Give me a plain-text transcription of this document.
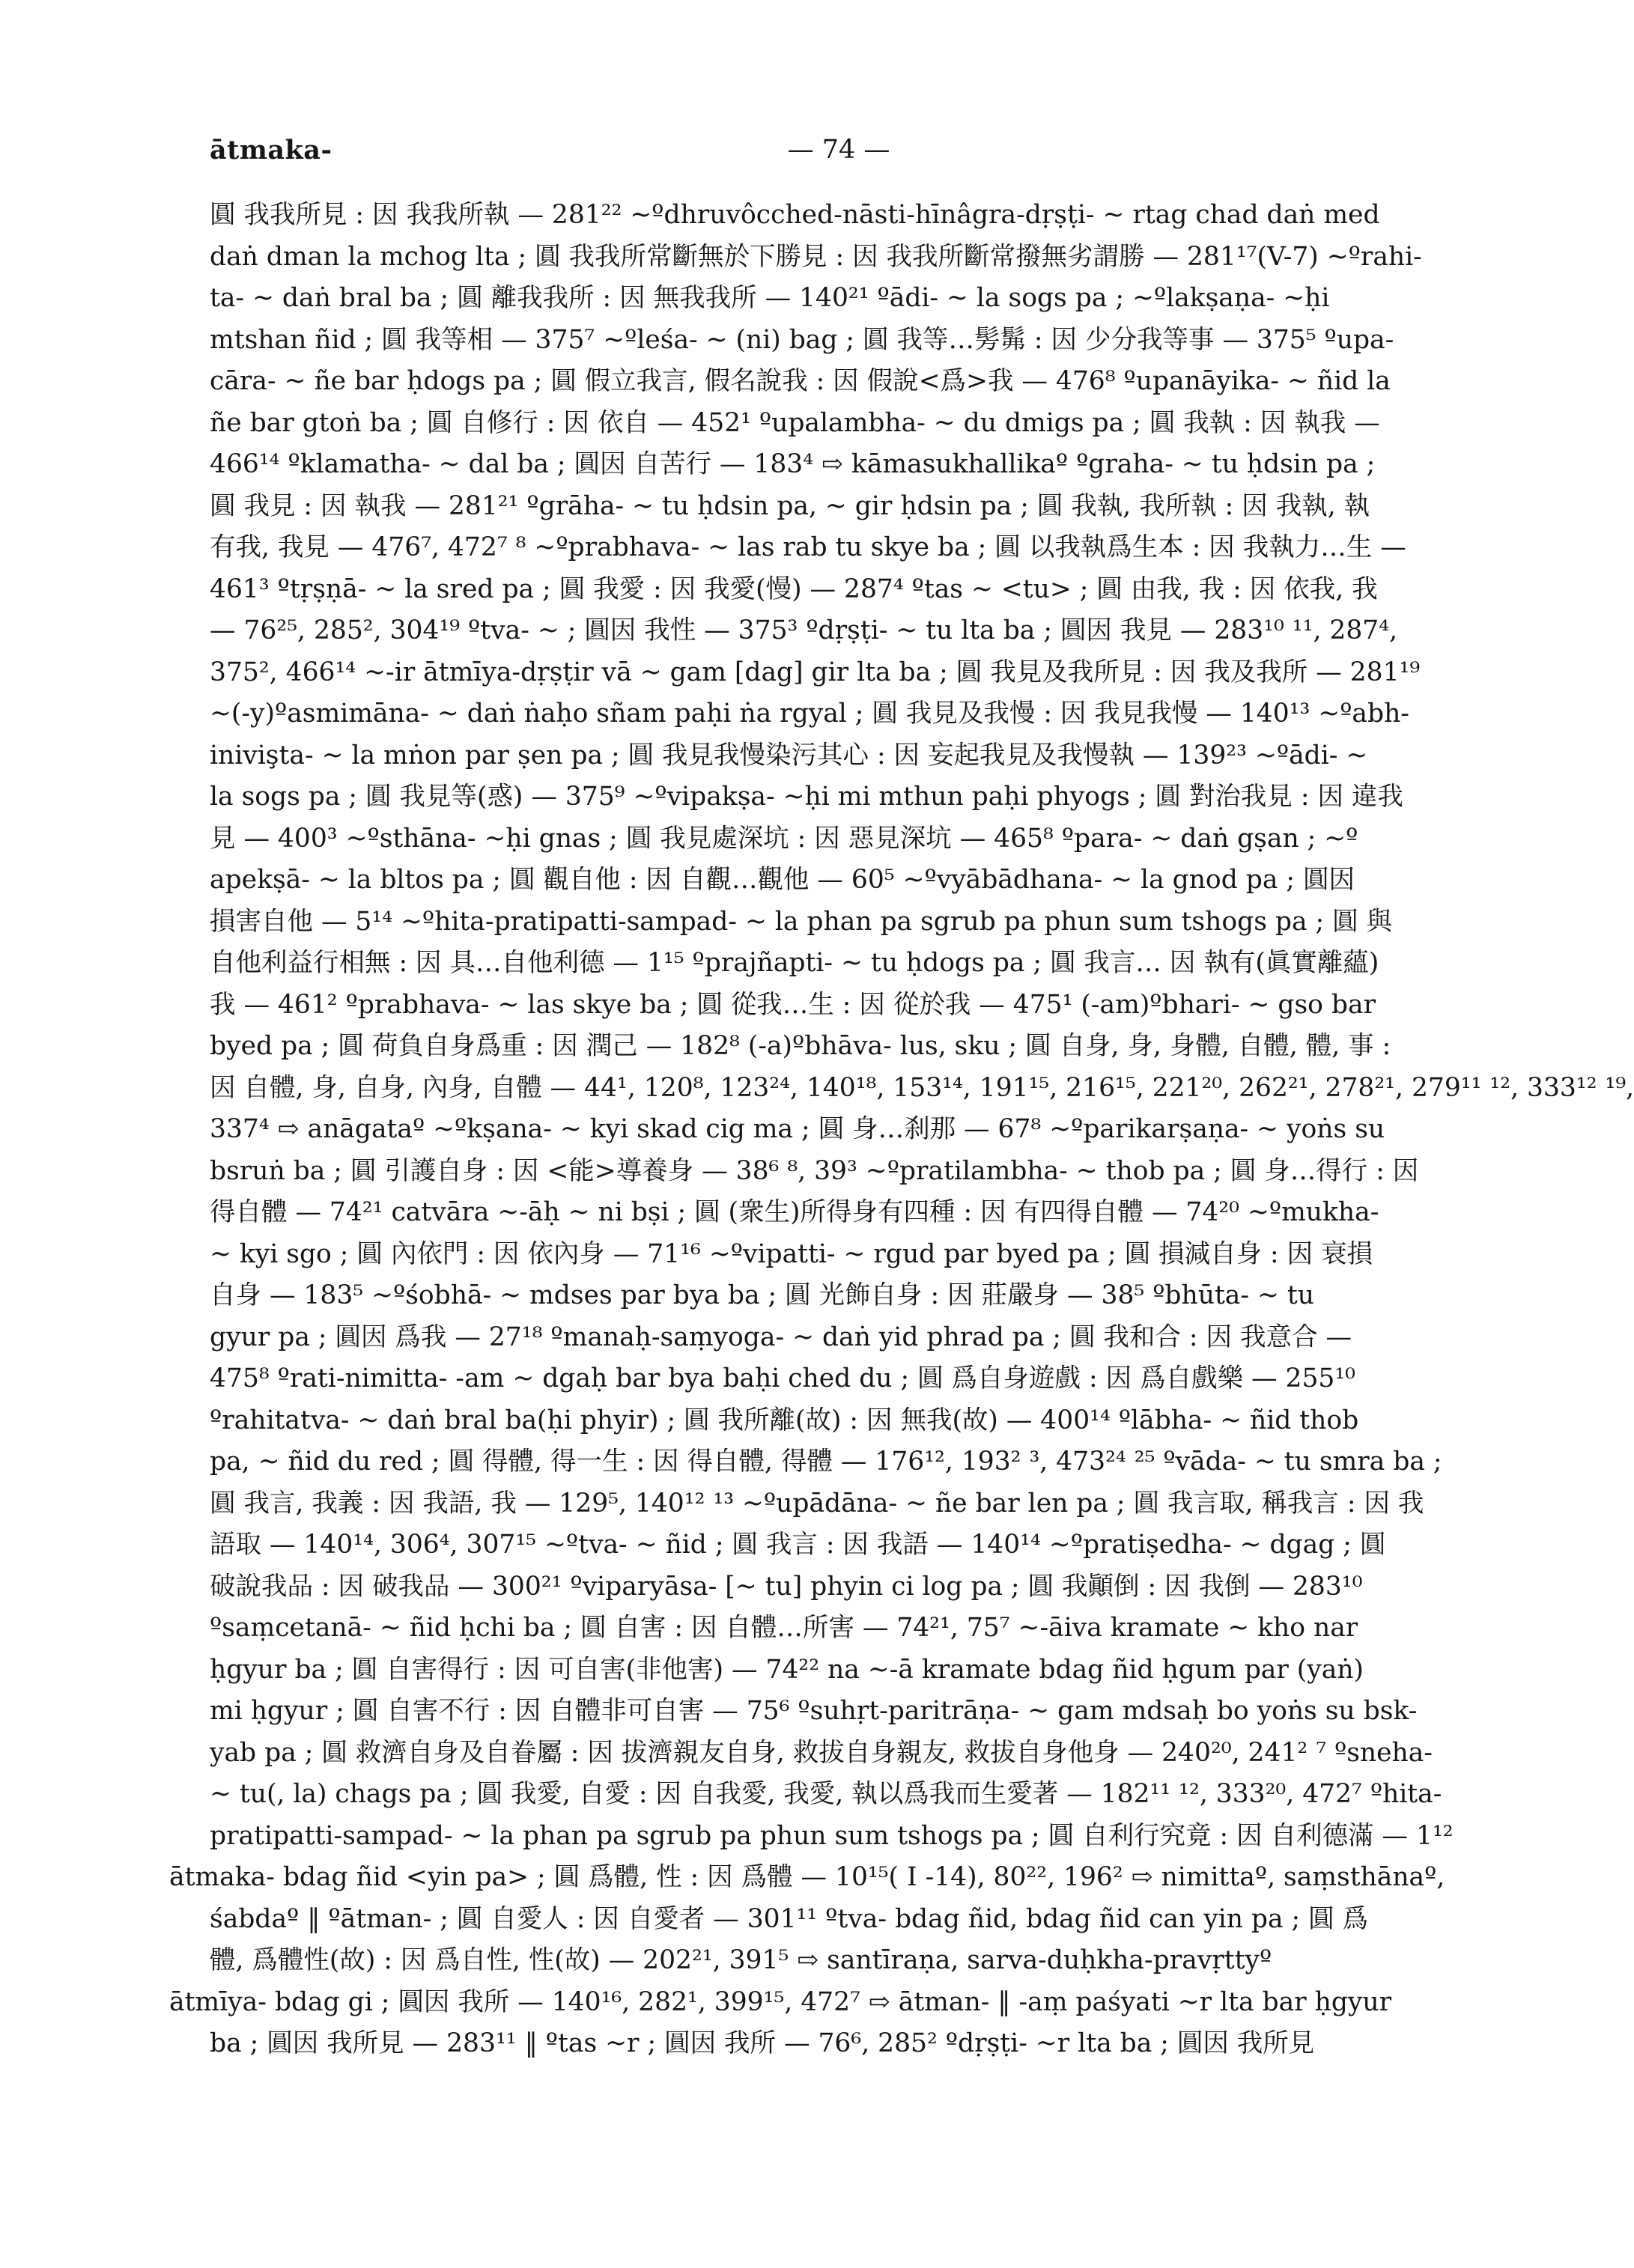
ātmaka-	— 74 —
圓 我我所見 : 因 我我所執 — 281²² ~ºdhruvôcched-nāsti-hīnâgra-dṛṣṭi- ~ rtag chad daṅ med
daṅ dman la mchog lta ; 圓 我我所常斷無於下勝見 : 因 我我所斷常撥無劣謂勝 — 281¹⁷(V-7) ~ºrahi-
ta- ~ daṅ bral ba ; 圓 離我我所 : 因 無我我所 — 140²¹ ºādi- ~ la sogs pa ; ~ºlakṣaṇa- ~ḥi
mtshan ñid ; 圓 我等相 — 375⁷ ~ºleśa- ~ (ni) bag ; 圓 我等…髣髴 : 因 少分我等事 — 375⁵ ºupa-
cāra- ~ ñe bar ḥdogs pa ; 圓 假立我言, 假名說我 : 因 假說<爲>我 — 476⁸ ºupanāyika- ~ ñid la
ñe bar gtoṅ ba ; 圓 自修行 : 因 依自 — 452¹ ºupalambha- ~ du dmigs pa ; 圓 我執 : 因 執我 —
466¹⁴ ºklamatha- ~ dal ba ; 圓因 自苦行 — 183⁴ ⇨ kāmasukhallikaº ºgraha- ~ tu ḥdsin pa ;
圓 我見 : 因 執我 — 281²¹ ºgrāha- ~ tu ḥdsin pa, ~ gir ḥdsin pa ; 圓 我執, 我所執 : 因 我執, 執
有我, 我見 — 476⁷, 472⁷ ⁸ ~ºprabhava- ~ las rab tu skye ba ; 圓 以我執爲生本 : 因 我執力…生 —
461³ ºtṛṣṇā- ~ la sred pa ; 圓 我愛 : 因 我愛(慢) — 287⁴ ºtas ~ <tu> ; 圓 由我, 我 : 因 依我, 我
— 76²⁵, 285², 304¹⁹ ºtva- ~ ; 圓因 我性 — 375³ ºdṛṣṭi- ~ tu lta ba ; 圓因 我見 — 283¹⁰ ¹¹, 287⁴,
375², 466¹⁴ ~-ir ātmīya-dṛṣṭir vā ~ gam [dag] gir lta ba ; 圓 我見及我所見 : 因 我及我所 — 281¹⁹
~(-y)ºasmimāna- ~ daṅ ṅaḥo sñam paḥi ṅa rgyal ; 圓 我見及我慢 : 因 我見我慢 — 140¹³ ~ºabh-
inivişta- ~ la mṅon par ṣen pa ; 圓 我見我慢染污其心 : 因 妄起我見及我慢執 — 139²³ ~ºādi- ~
la sogs pa ; 圓 我見等(惑) — 375⁹ ~ºvipakṣa- ~ḥi mi mthun paḥi phyogs ; 圓 對治我見 : 因 違我
見 — 400³ ~ºsthāna- ~ḥi gnas ; 圓 我見處深坑 : 因 惡見深坑 — 465⁸ ºpara- ~ daṅ gṣan ; ~º
apekṣā- ~ la bltos pa ; 圓 觀自他 : 因 自觀…觀他 — 60⁵ ~ºvyābādhana- ~ la gnod pa ; 圓因
損害自他 — 5¹⁴ ~ºhita-pratipatti-sampad- ~ la phan pa sgrub pa phun sum tshogs pa ; 圓 與
自他利益行相無 : 因 具…自他利德 — 1¹⁵ ºprajñapti- ~ tu ḥdogs pa ; 圓 我言… 因 執有(眞實離蘊)
我 — 461² ºprabhava- ~ las skye ba ; 圓 從我…生 : 因 從於我 — 475¹ (-am)ºbhari- ~ gso bar
byed pa ; 圓 荷負自身爲重 : 因 潤己 — 182⁸ (-a)ºbhāva- lus, sku ; 圓 自身, 身, 身體, 自體, 體, 事 :
因 自體, 身, 自身, 內身, 自體 — 44¹, 120⁸, 123²⁴, 140¹⁸, 153¹⁴, 191¹⁵, 216¹⁵, 221²⁰, 262²¹, 278²¹, 279¹¹ ¹², 333¹² ¹⁹,
337⁴ ⇨ anāgataº ~ºkṣana- ~ kyi skad cig ma ; 圓 身…刹那 — 67⁸ ~ºparikarṣaṇa- ~ yoṅs su
bsruṅ ba ; 圓 引護自身 : 因 <能>導養身 — 38⁶ ⁸, 39³ ~ºpratilambha- ~ thob pa ; 圓 身…得行 : 因
得自體 — 74²¹ catvāra ~-āḥ ~ ni bṣi ; 圓 (衆生)所得身有四種 : 因 有四得自體 — 74²⁰ ~ºmukha-
~ kyi sgo ; 圓 內依門 : 因 依內身 — 71¹⁶ ~ºvipatti- ~ rgud par byed pa ; 圓 損減自身 : 因 衰損
自身 — 183⁵ ~ºśobhā- ~ mdses par bya ba ; 圓 光飾自身 : 因 莊嚴身 — 38⁵ ºbhūta- ~ tu
gyur pa ; 圓因 爲我 — 27¹⁸ ºmanaḥ-saṃyoga- ~ daṅ yid phrad pa ; 圓 我和合 : 因 我意合 —
475⁸ ºrati-nimitta- -am ~ dgaḥ bar bya baḥi ched du ; 圓 爲自身遊戲 : 因 爲自戲樂 — 255¹⁰
ºrahitatva- ~ daṅ bral ba(ḥi phyir) ; 圓 我所離(故) : 因 無我(故) — 400¹⁴ ºlābha- ~ ñid thob
pa, ~ ñid du red ; 圓 得體, 得一生 : 因 得自體, 得體 — 176¹², 193² ³, 473²⁴ ²⁵ ºvāda- ~ tu smra ba ;
圓 我言, 我義 : 因 我語, 我 — 129⁵, 140¹² ¹³ ~ºupādāna- ~ ñe bar len pa ; 圓 我言取, 稱我言 : 因 我
語取 — 140¹⁴, 306⁴, 307¹⁵ ~ºtva- ~ ñid ; 圓 我言 : 因 我語 — 140¹⁴ ~ºpratiṣedha- ~ dgag ; 圓
破說我品 : 因 破我品 — 300²¹ ºviparyāsa- [~ tu] phyin ci log pa ; 圓 我顚倒 : 因 我倒 — 283¹⁰
ºsaṃcetanā- ~ ñid ḥchi ba ; 圓 自害 : 因 自體…所害 — 74²¹, 75⁷ ~-āiva kramate ~ kho nar
ḥgyur ba ; 圓 自害得行 : 因 可自害(非他害) — 74²² na ~-ā kramate bdag ñid ḥgum par (yaṅ)
mi ḥgyur ; 圓 自害不行 : 因 自體非可自害 — 75⁶ ºsuhṛt-paritrāṇa- ~ gam mdsaḥ bo yoṅs su bsk-
yab pa ; 圓 救濟自身及自眷屬 : 因 拔濟親友自身, 救拔自身親友, 救拔自身他身 — 240²⁰, 241² ⁷ ºsneha-
~ tu(, la) chags pa ; 圓 我愛, 自愛 : 因 自我愛, 我愛, 執以爲我而生愛著 — 182¹¹ ¹², 333²⁰, 472⁷ ºhita-
pratipatti-sampad- ~ la phan pa sgrub pa phun sum tshogs pa ; 圓 自利行究竟 : 因 自利德滿 — 1¹²
ātmaka- bdag ñid <yin pa> ; 圓 爲體, 性 : 因 爲體 — 10¹⁵( I -14), 80²², 196² ⇨ nimittaº, saṃsthānaº,
śabdaº ‖ ºātman- ; 圓 自愛人 : 因 自愛者 — 301¹¹ ºtva- bdag ñid, bdag ñid can yin pa ; 圓 爲
體, 爲體性(故) : 因 爲自性, 性(故) — 202²¹, 391⁵ ⇨ santīraṇa, sarva-duḥkha-pravṛttyº
ātmīya- bdag gi ; 圓因 我所 — 140¹⁶, 282¹, 399¹⁵, 472⁷ ⇨ ātman- ‖ -aṃ paśyati ~r lta bar ḥgyur
ba ; 圓因 我所見 — 283¹¹ ‖ ºtas ~r ; 圓因 我所 — 76⁶, 285² ºdṛṣṭi- ~r lta ba ; 圓因 我所見
